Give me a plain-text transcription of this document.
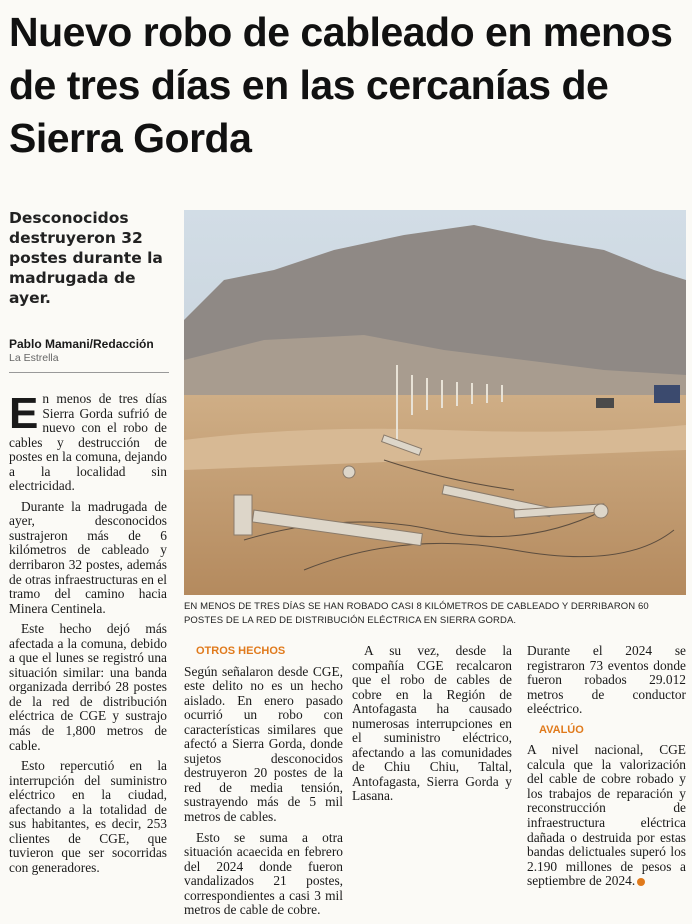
Nuevo robo de cableado en menos de tres días en las cercanías de Sierra Gorda
Desconocidos destruyeron 32 postes durante la madrugada de ayer.
Pablo Mamani/Redacción
La Estrella
EN MENOS DE TRES DÍAS SE HAN ROBADO CASI 8 KILÓMETROS DE CABLEADO Y DERRIBARON 60 POSTES DE LA RED DE DISTRIBUCIÓN ELÉCTRICA EN SIERRA GORDA.

En menos de tres días Sierra Gorda sufrió de nuevo con el robo de cables y destrucción de postes en la comuna, dejando a la localidad sin electricidad.

Durante la madrugada de ayer, desconocidos sustrajeron más de 6 kilómetros de cableado y derribaron 32 postes, además de otras infraestructuras en el tramo del camino hacia Minera Centinela.

Este hecho dejó más afectada a la comuna, debido a que el lunes se registró una situación similar: una banda organizada derribó 28 postes de la red de distribución eléctrica de CGE y sustrajo más de 1,800 metros de cable.

Esto repercutió en la interrupción del suministro eléctrico en la ciudad, afectando a la totalidad de sus habitantes, es decir, 253 clientes de CGE, que tuvieron que ser socorridas con generadores.

OTROS HECHOS

Según señalaron desde CGE, este delito no es un hecho aislado. En enero pasado ocurrió un robo con características similares que afectó a Sierra Gorda, donde sujetos desconocidos destruyeron 20 postes de la red de media tensión, sustrayendo más de 5 mil metros de cables.

Esto se suma a otra situación acaecida en febrero del 2024 donde fueron vandalizados 21 postes, correspondientes a casi 3 mil metros de cable de cobre.

A su vez, desde la compañía CGE recalcaron que el robo de cables de cobre en la Región de Antofagasta ha causado numerosas interrupciones en el suministro eléctrico, afectando a las comunidades de Chiu Chiu, Taltal, Antofagasta, Sierra Gorda y Lasana.

Durante el 2024 se registraron 73 eventos donde fueron robados 29.012 metros de conductor eleéctrico.

AVALÚO

A nivel nacional, CGE calcula que la valorización del cable de cobre robado y los trabajos de reparación y reconstrucción de infraestructura eléctrica dañada o destruida por estas bandas delictuales superó los 2.190 millones de pesos a septiembre de 2024.
